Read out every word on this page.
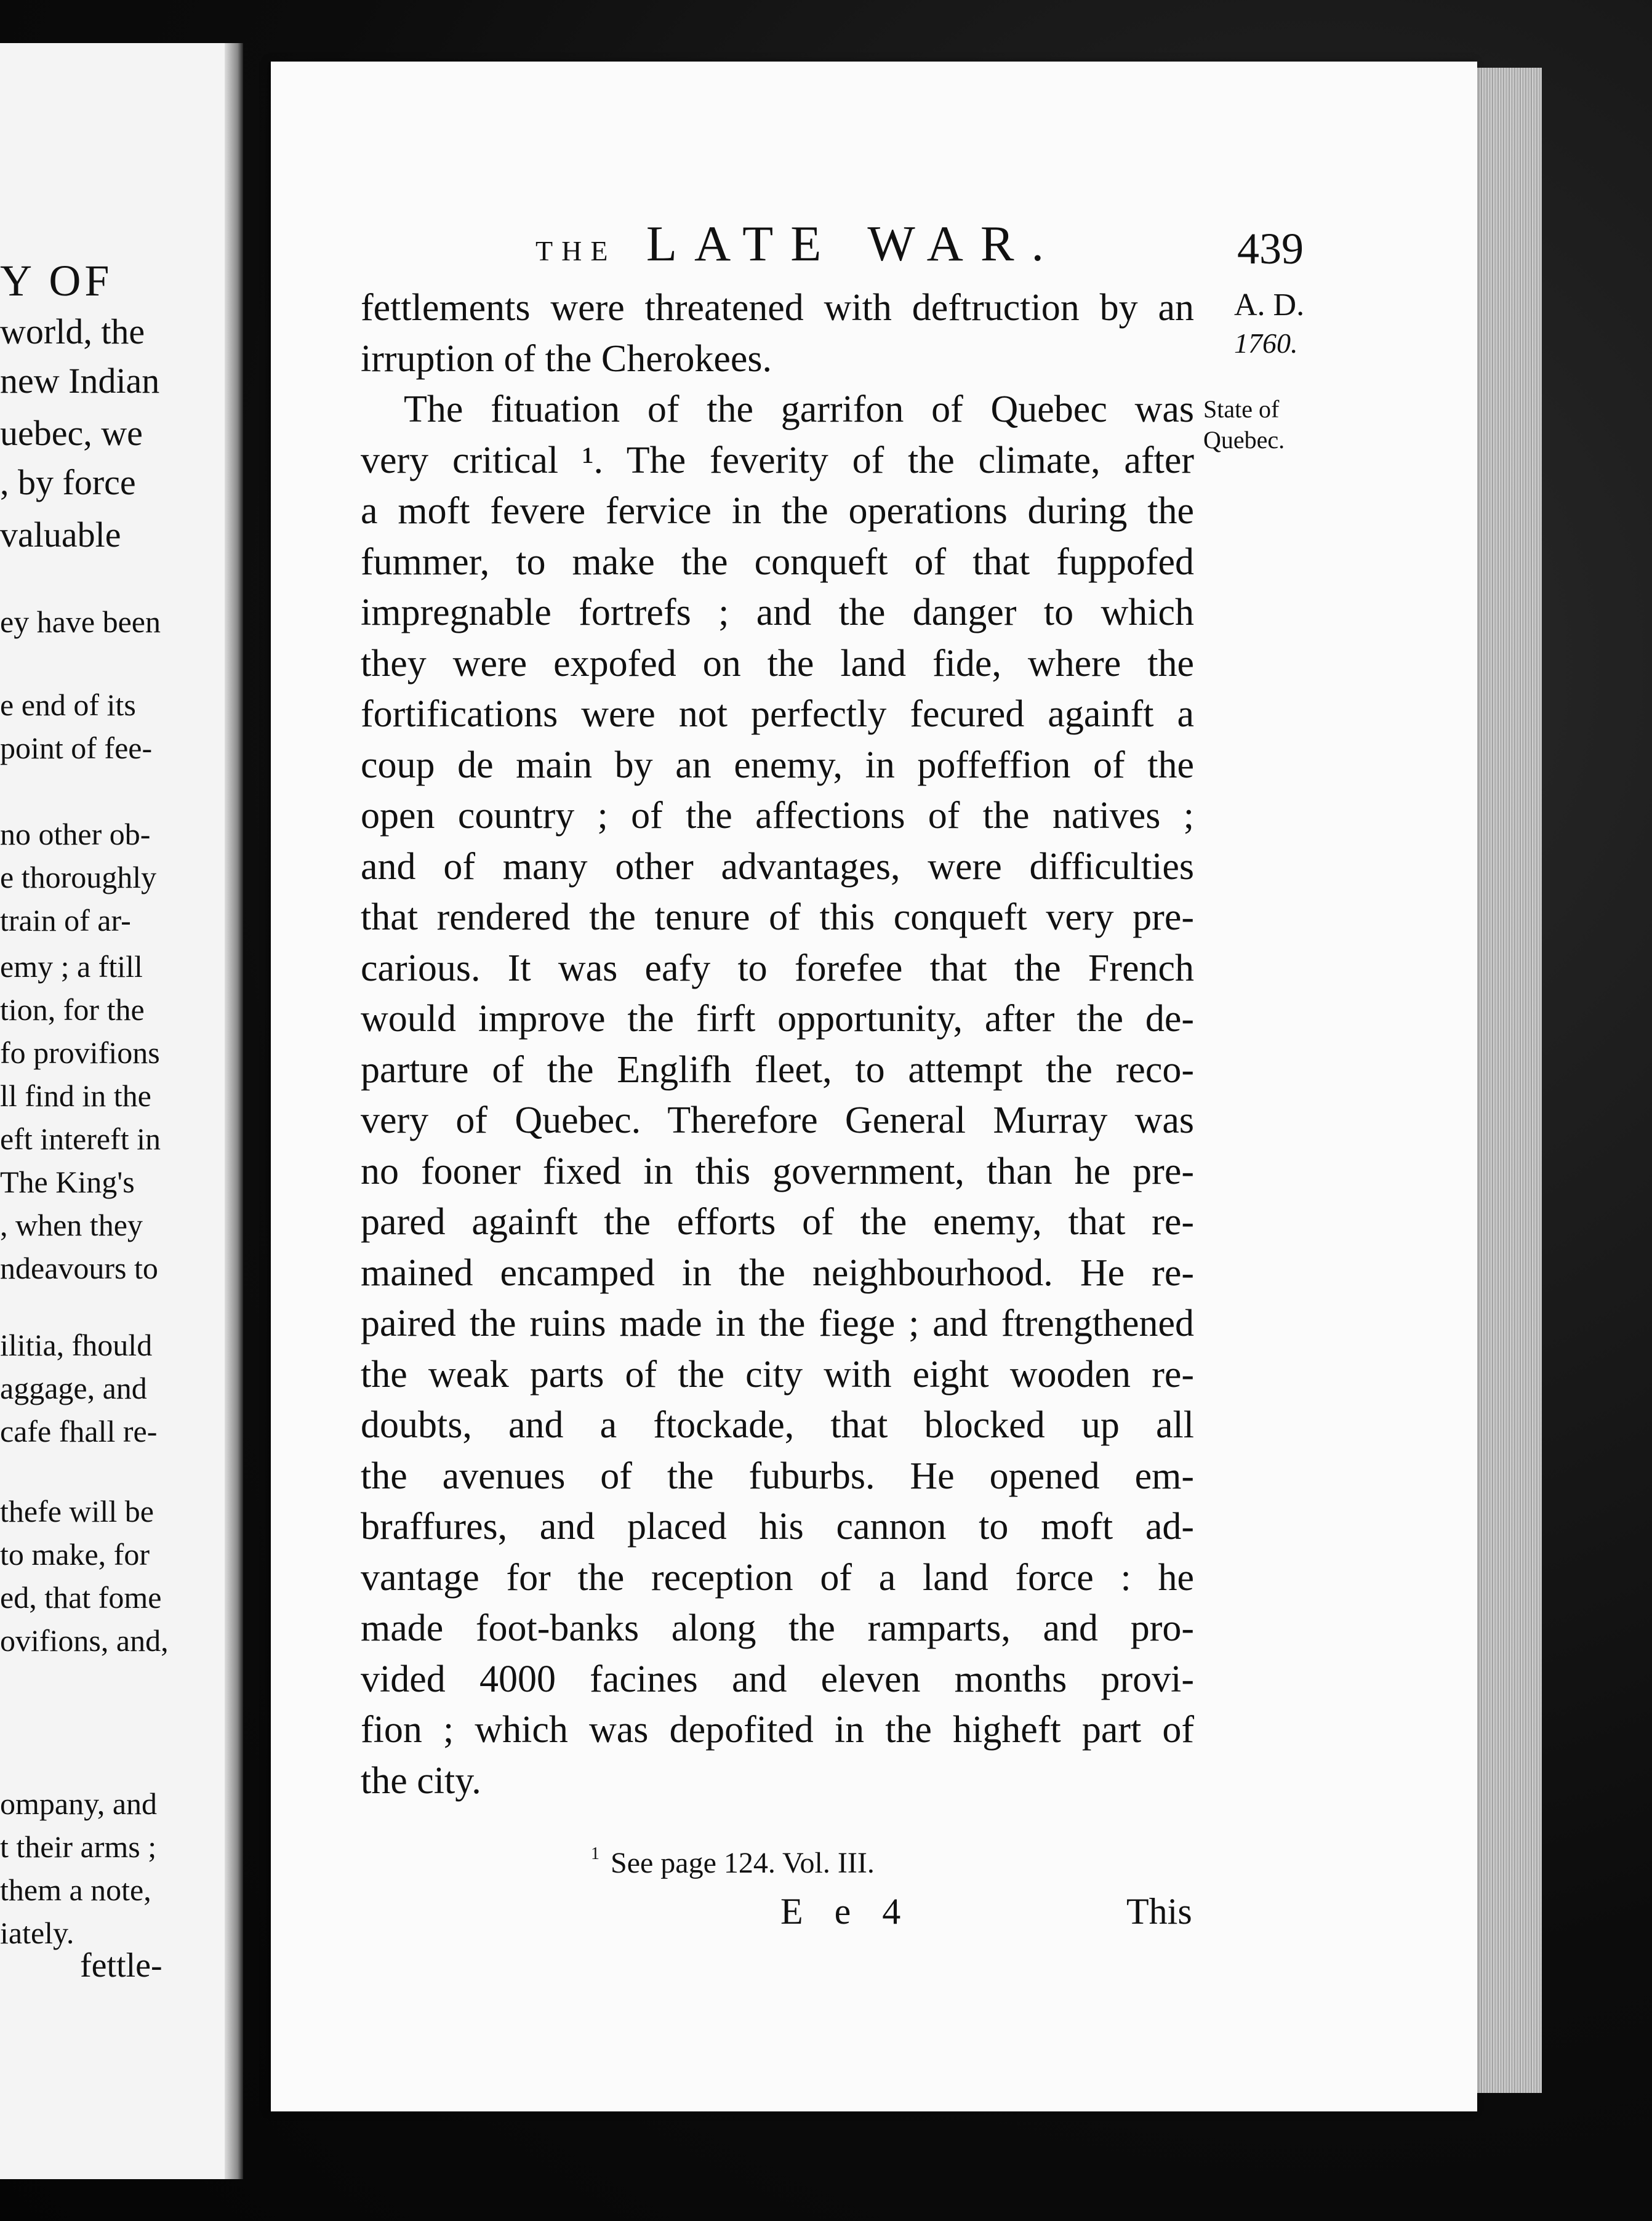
Y OF
world, the
new Indian
uebec, we
, by force
valuable
ey have been
e end of its
point of fee-
no other ob-
e thoroughly
train of ar-
emy ; a ftill
tion, for the
fo provifions
ll find in the
eft intereft in
The King's
, when they
ndeavours to
ilitia, fhould
aggage, and
cafe fhall re-
thefe will be
to make, for
ed, that fome
ovifions, and,
ompany, and
t their arms ;
them a note,
iately.
fettle-
THE LATE WAR.	439
A. D.
1760.
State of
Quebec.
fettlements were threatened with deftruction by an
irruption of the Cherokees.
The fituation of the garrifon of Quebec was
very critical ¹. The feverity of the climate, after
a moft fevere fervice in the operations during the
fummer, to make the conqueft of that fuppofed
impregnable fortrefs ; and the danger to which
they were expofed on the land fide, where the
fortifications were not perfectly fecured againft a
coup de main by an enemy, in poffeffion of the
open country ; of the affections of the natives ;
and of many other advantages, were difficulties
that rendered the tenure of this conqueft very pre-
carious. It was eafy to forefee that the French
would improve the firft opportunity, after the de-
parture of the Englifh fleet, to attempt the reco-
very of Quebec. Therefore General Murray was
no fooner fixed in this government, than he pre-
pared againft the efforts of the enemy, that re-
mained encamped in the neighbourhood. He re-
paired the ruins made in the fiege ; and ftrengthened
the weak parts of the city with eight wooden re-
doubts, and a ftockade, that blocked up all
the avenues of the fuburbs. He opened em-
braffures, and placed his cannon to moft ad-
vantage for the reception of a land force : he
made foot-banks along the ramparts, and pro-
vided 4000 facines and eleven months provi-
fion ; which was depofited in the higheft part of
the city.
$^1$ See page 124. Vol. III.
E e 4	This
